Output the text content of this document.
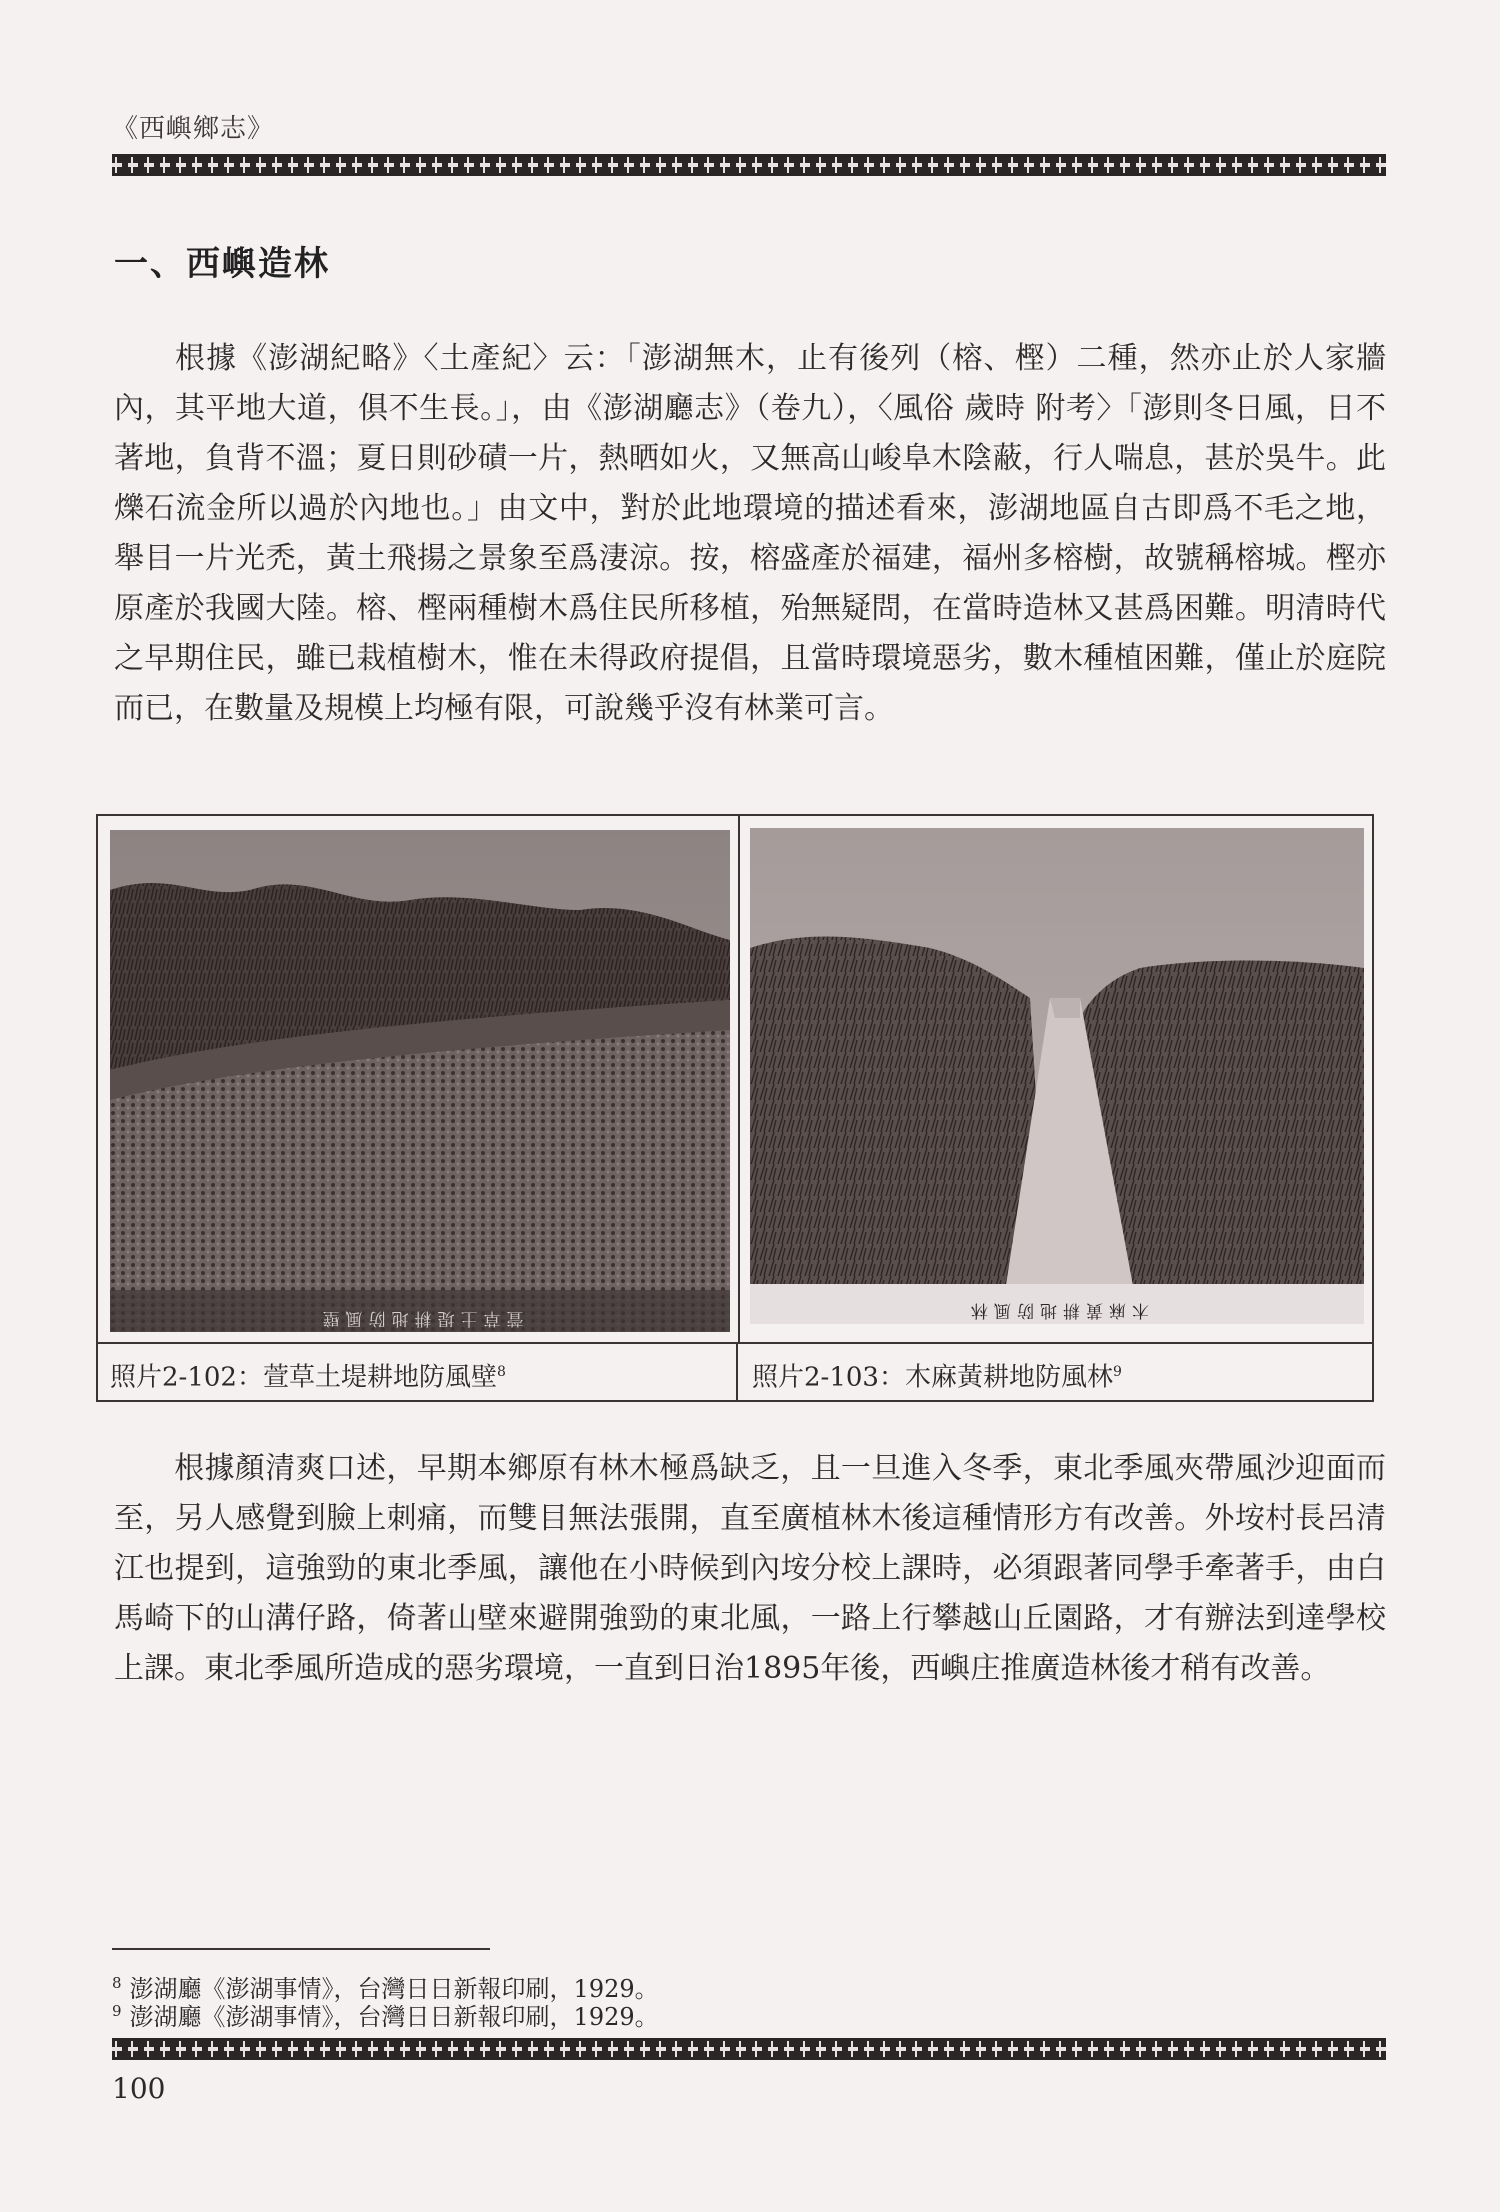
《西嶼鄉志》
一、西嶼造林

根據《澎湖紀略》〈土產紀〉云：「澎湖無木，止有後列（榕、樫）二種，然亦止於人家牆內，其平地大道，俱不生長。」，由《澎湖廳志》（卷九），〈風俗 歲時 附考〉「澎則冬日風，日不著地，負背不溫；夏日則砂磧一片，熱晒如火，又無高山峻阜木陰蔽，行人喘息，甚於吳牛。此爍石流金所以過於內地也。」由文中，對於此地環境的描述看來，澎湖地區自古即爲不毛之地，舉目一片光禿，黃土飛揚之景象至爲淒涼。按，榕盛產於福建，福州多榕樹，故號稱榕城。樫亦原產於我國大陸。榕、樫兩種樹木爲住民所移植，殆無疑問，在當時造林又甚爲困難。明清時代之早期住民，雖已栽植樹木，惟在未得政府提倡，且當時環境惡劣，數木種植困難，僅止於庭院而已，在數量及規模上均極有限，可說幾乎沒有林業可言。

萱草土堤耕地防風壁	木麻黃耕地防風林
照片2-102：萱草土堤耕地防風壁$^8$	照片2-103：木麻黃耕地防風林$^9$

根據顏清爽口述，早期本鄉原有林木極爲缺乏，且一旦進入冬季，東北季風夾帶風沙迎面而至，另人感覺到臉上刺痛，而雙目無法張開，直至廣植林木後這種情形方有改善。外垵村長呂清江也提到，這強勁的東北季風，讓他在小時候到內垵分校上課時，必須跟著同學手牽著手，由白馬崎下的山溝仔路，倚著山壁來避開強勁的東北風，一路上行攀越山丘園路，才有辦法到達學校上課。東北季風所造成的惡劣環境，一直到日治1895年後，西嶼庄推廣造林後才稍有改善。

$^8$ 澎湖廳《澎湖事情》，台灣日日新報印刷，1929。
$^9$ 澎湖廳《澎湖事情》，台灣日日新報印刷，1929。
100
